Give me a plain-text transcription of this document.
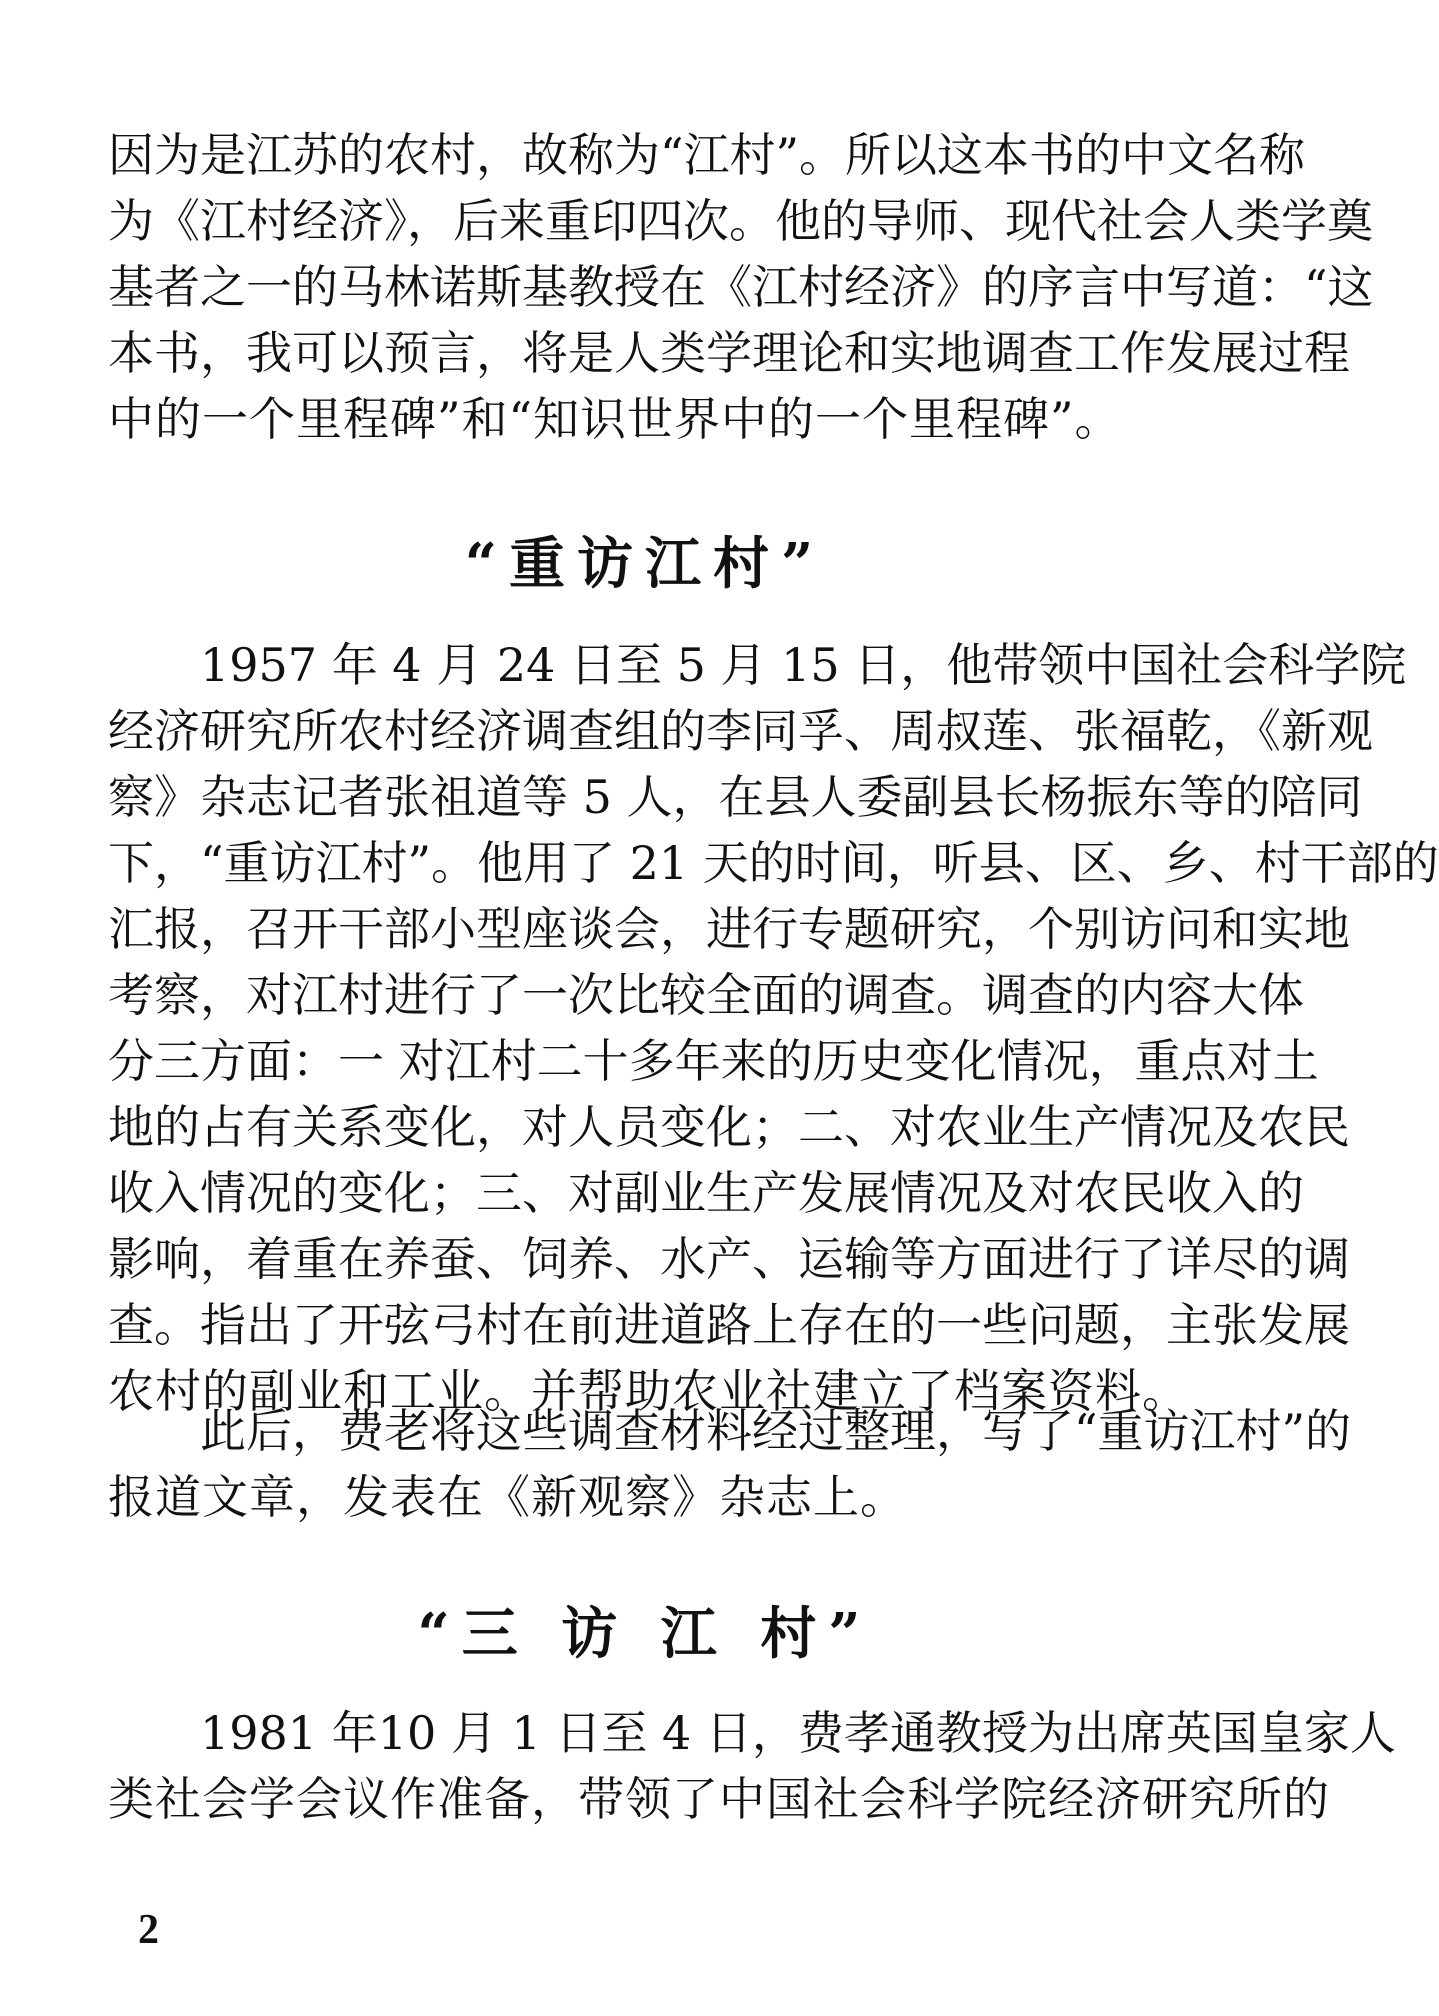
因为是江苏的农村，故称为“江村”。所以这本书的中文名称
为《江村经济》，后来重印四次。他的导师、现代社会人类学奠
基者之一的马林诺斯基教授在《江村经济》的序言中写道：“这
本书，我可以预言，将是人类学理论和实地调查工作发展过程
中的一个里程碑”和“知识世界中的一个里程碑”。
“重访江村”
1957 年 4 月 24 日至 5 月 15 日，他带领中国社会科学院
经济研究所农村经济调查组的李同孚、周叔莲、张福乾，《新观
察》杂志记者张祖道等 5 人，在县人委副县长杨振东等的陪同
下，“重访江村”。他用了 21 天的时间，听县、区、乡、村干部的
汇报，召开干部小型座谈会，进行专题研究，个别访问和实地
考察，对江村进行了一次比较全面的调查。调查的内容大体
分三方面：一 对江村二十多年来的历史变化情况，重点对土
地的占有关系变化，对人员变化；二、对农业生产情况及农民
收入情况的变化；三、对副业生产发展情况及对农民收入的
影响，着重在养蚕、饲养、水产、运输等方面进行了详尽的调
查。指出了开弦弓村在前进道路上存在的一些问题，主张发展
农村的副业和工业。并帮助农业社建立了档案资料。
此后，费老将这些调查材料经过整理，写了“重访江村”的
报道文章，发表在《新观察》杂志上。
“三 访 江 村”
1981 年10 月 1 日至 4 日，费孝通教授为出席英国皇家人
类社会学会议作准备，带领了中国社会科学院经济研究所的
2
